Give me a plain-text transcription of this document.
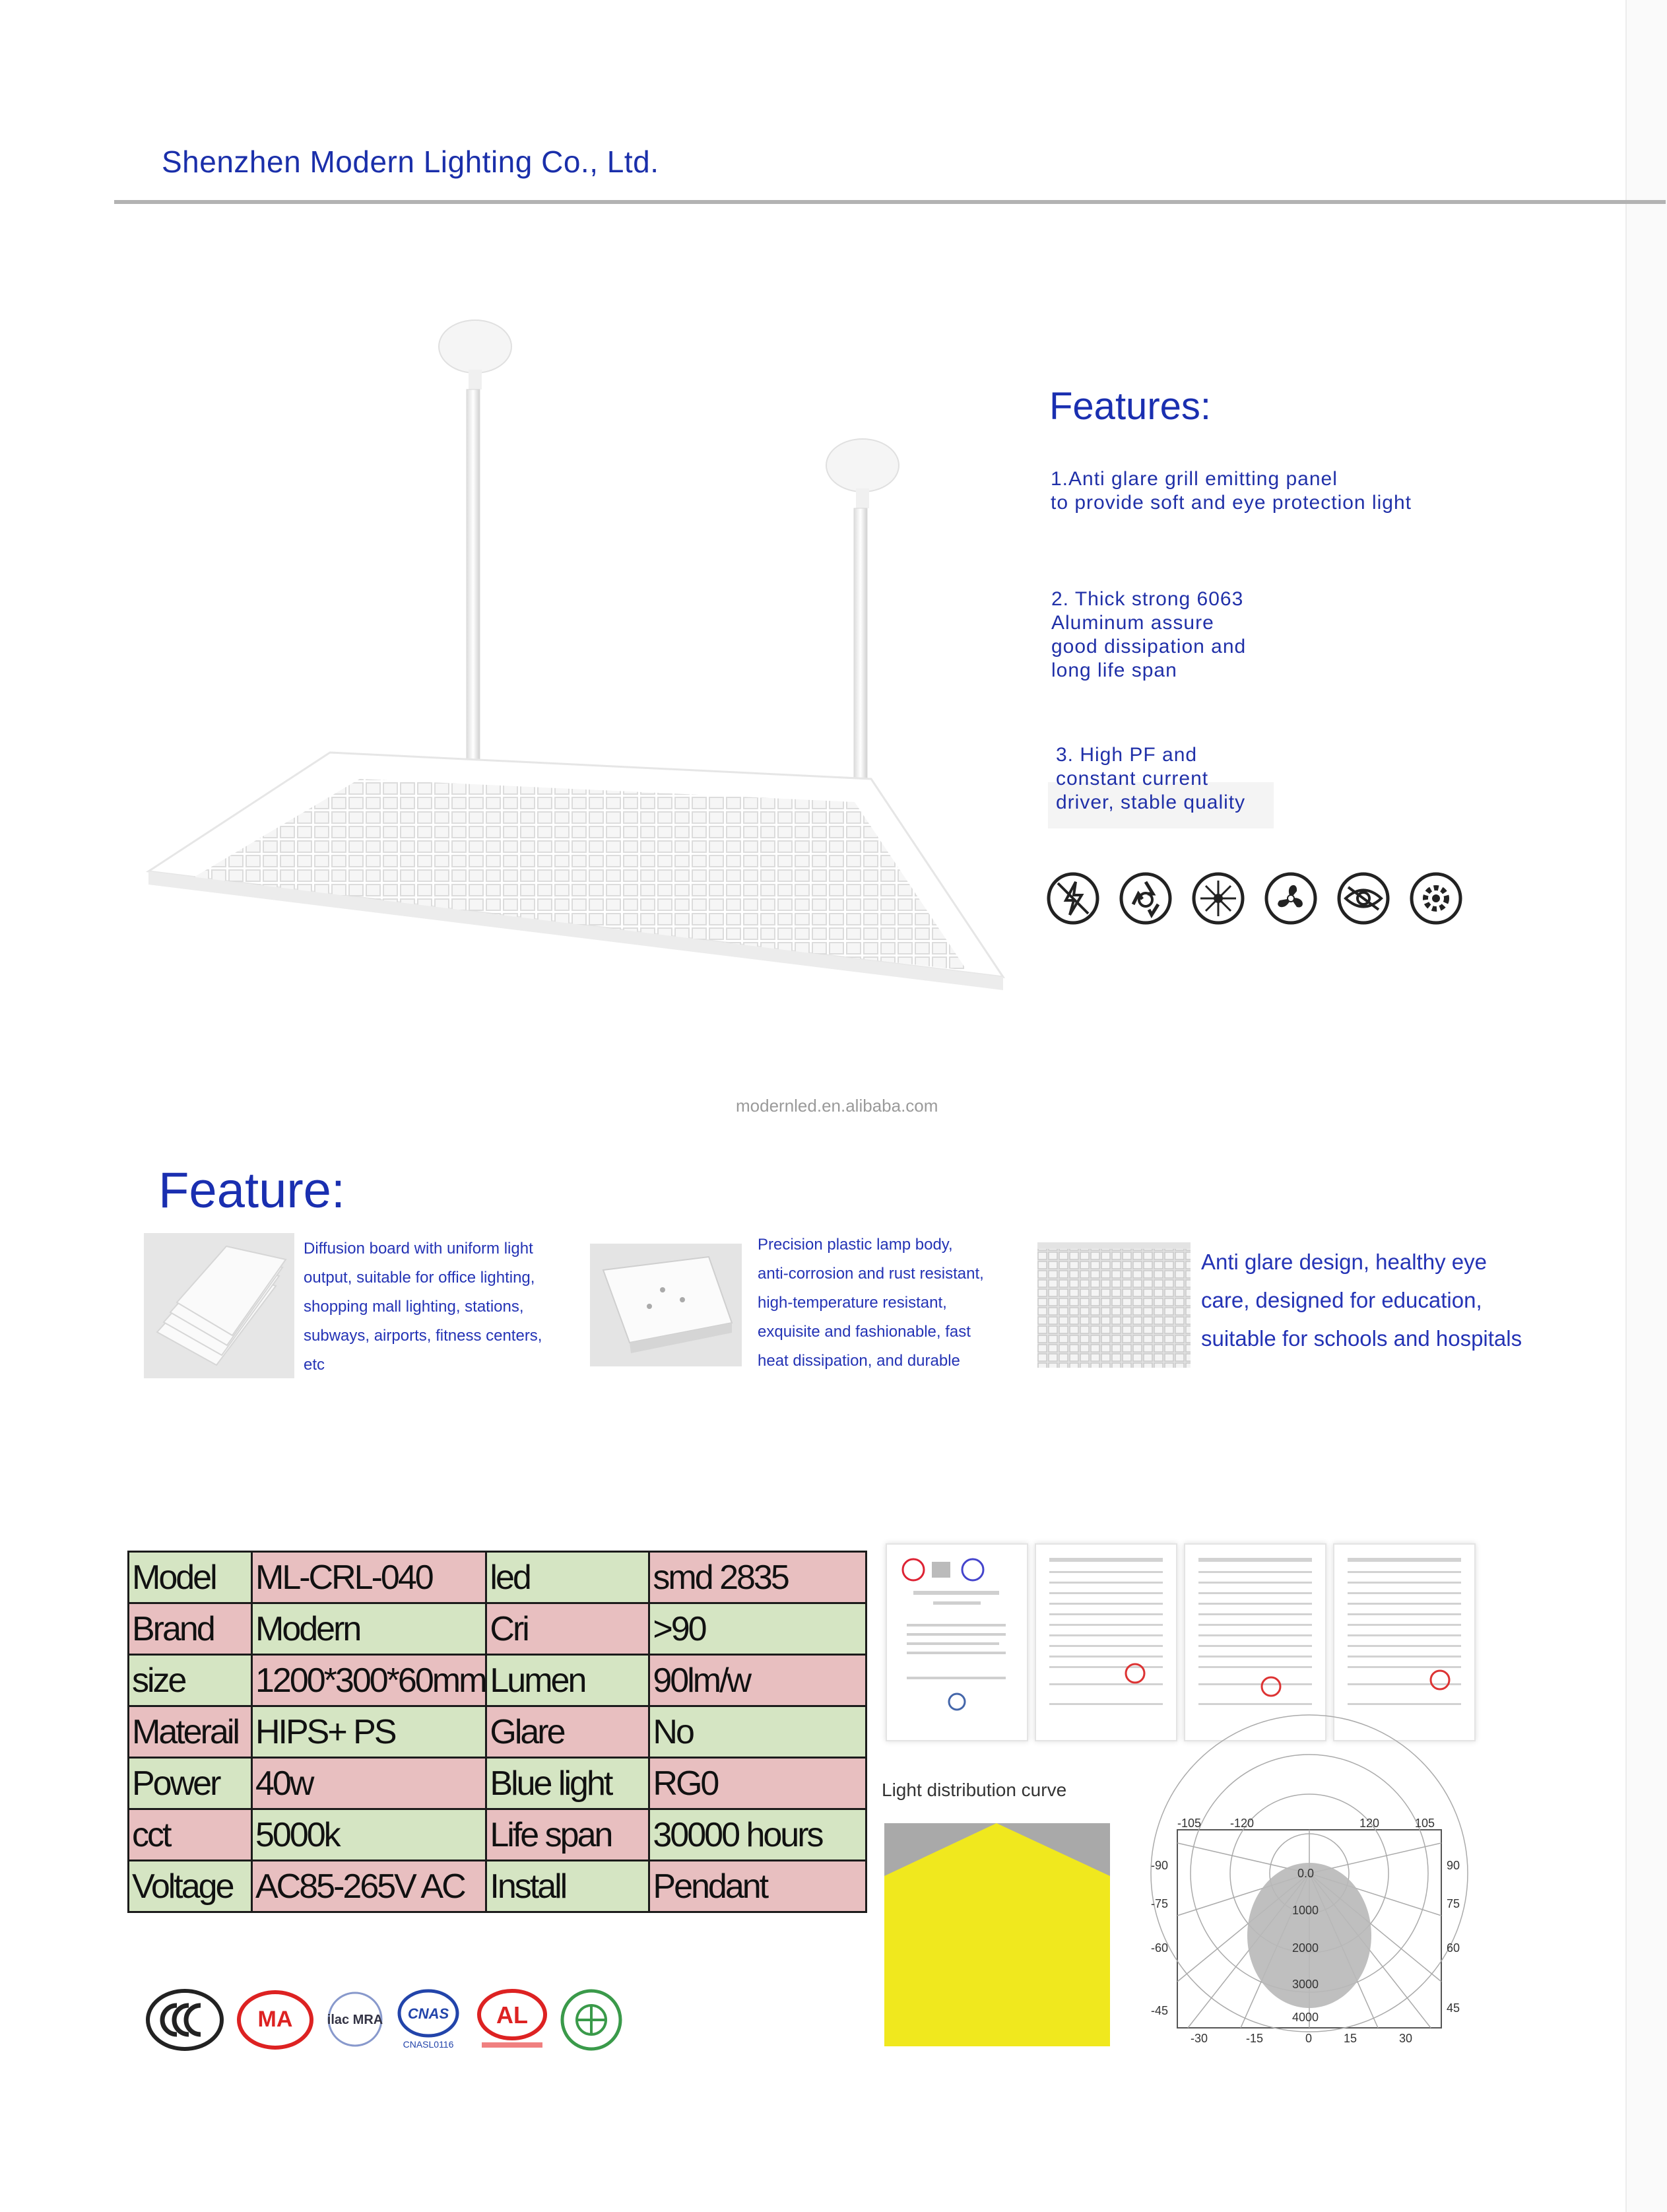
Shenzhen Modern Lighting Co., Ltd.
Features:
1.Anti glare grill emitting panel
to provide soft and eye protection light
2. Thick strong 6063
Aluminum assure
good dissipation and
long life span
3. High PF and
constant current
driver, stable quality
modernled.en.alibaba.com
Feature:
Diffusion board with uniform light
output, suitable for office lighting,
shopping mall lighting, stations,
subways, airports, fitness centers,
etc
Precision plastic lamp body,
anti-corrosion and rust resistant,
high-temperature resistant,
exquisite and fashionable, fast
heat dissipation, and durable
Anti glare design, healthy eye
care, designed for education,
suitable for schools and hospitals
Model	ML-CRL-040	led	smd 2835
Brand	Modern	Cri	>90
size	1200*300*60mm	Lumen	90lm/w
Materail	HIPS+ PS	Glare	No
Power	40w	Blue light	RG0
cct	5000k	Life span	30000 hours
Voltage	AC85-265V AC	Install	Pendant
Light distribution curve
-105 -120	120	105
-90
-75
-60
-45
90
75
60
45
-30	-15	0	15	30
0.0
1000
2000
3000
4000
MA	ilac MRA CNAS
CNASL0116
AL
